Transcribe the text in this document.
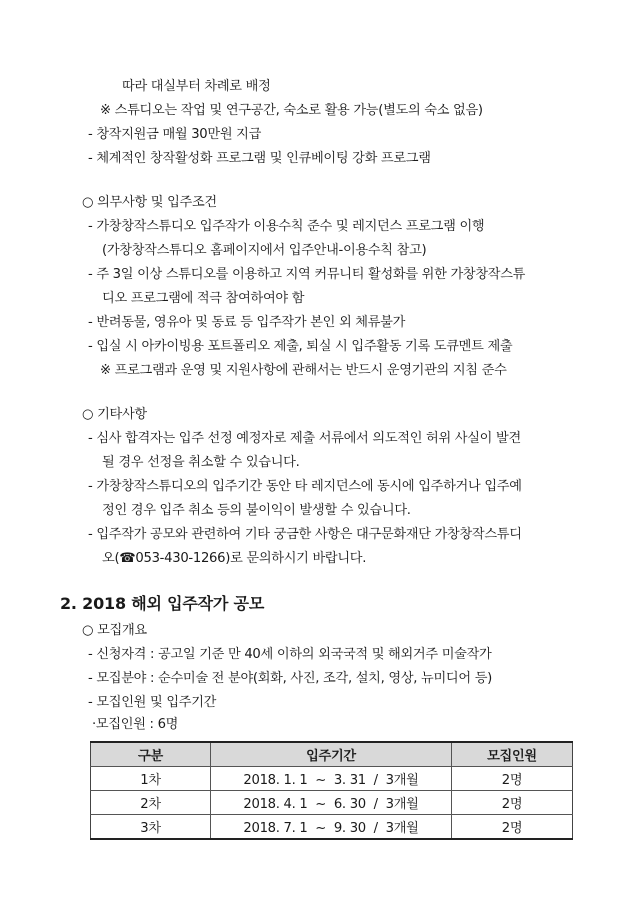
따라 대실부터 차례로 배정
※ 스튜디오는 작업 및 연구공간, 숙소로 활용 가능(별도의 숙소 없음)
- 창작지원금 매월 30만원 지급
- 체계적인 창작활성화 프로그램 및 인큐베이팅 강화 프로그램
○ 의무사항 및 입주조건
- 가창창작스튜디오 입주작가 이용수칙 준수 및 레지던스 프로그램 이행
(가창창작스튜디오 홈페이지에서 입주안내-이용수칙 참고)
- 주 3일 이상 스튜디오를 이용하고 지역 커뮤니티 활성화를 위한 가창창작스튜
디오 프로그램에 적극 참여하여야 함
- 반려동물, 영유아 및 동료 등 입주작가 본인 외 체류불가
- 입실 시 아카이빙용 포트폴리오 제출, 퇴실 시 입주활동 기록 도큐멘트 제출
※ 프로그램과 운영 및 지원사항에 관해서는 반드시 운영기관의 지침 준수
○ 기타사항
- 심사 합격자는 입주 선정 예정자로 제출 서류에서 의도적인 허위 사실이 발견
될 경우 선정을 취소할 수 있습니다.
- 가창창작스튜디오의 입주기간 동안 타 레지던스에 동시에 입주하거나 입주예
정인 경우 입주 취소 등의 불이익이 발생할 수 있습니다.
- 입주작가 공모와 관련하여 기타 궁금한 사항은 대구문화재단 가창창작스튜디
오(☎053-430-1266)로 문의하시기 바랍니다.
2. 2018 해외 입주작가 공모
○ 모집개요
- 신청자격 : 공고일 기준 만 40세 이하의 외국국적 및 해외거주 미술작가
- 모집분야 : 순수미술 전 분야(회화, 사진, 조각, 설치, 영상, 뉴미디어 등)
- 모집인원 및 입주기간
·모집인원 : 6명
구분	입주기간	모집인원
1차	2018. 1. 1  ~  3. 31  /  3개월	2명
2차	2018. 4. 1  ~  6. 30  /  3개월	2명
3차	2018. 7. 1  ~  9. 30  /  3개월	2명
